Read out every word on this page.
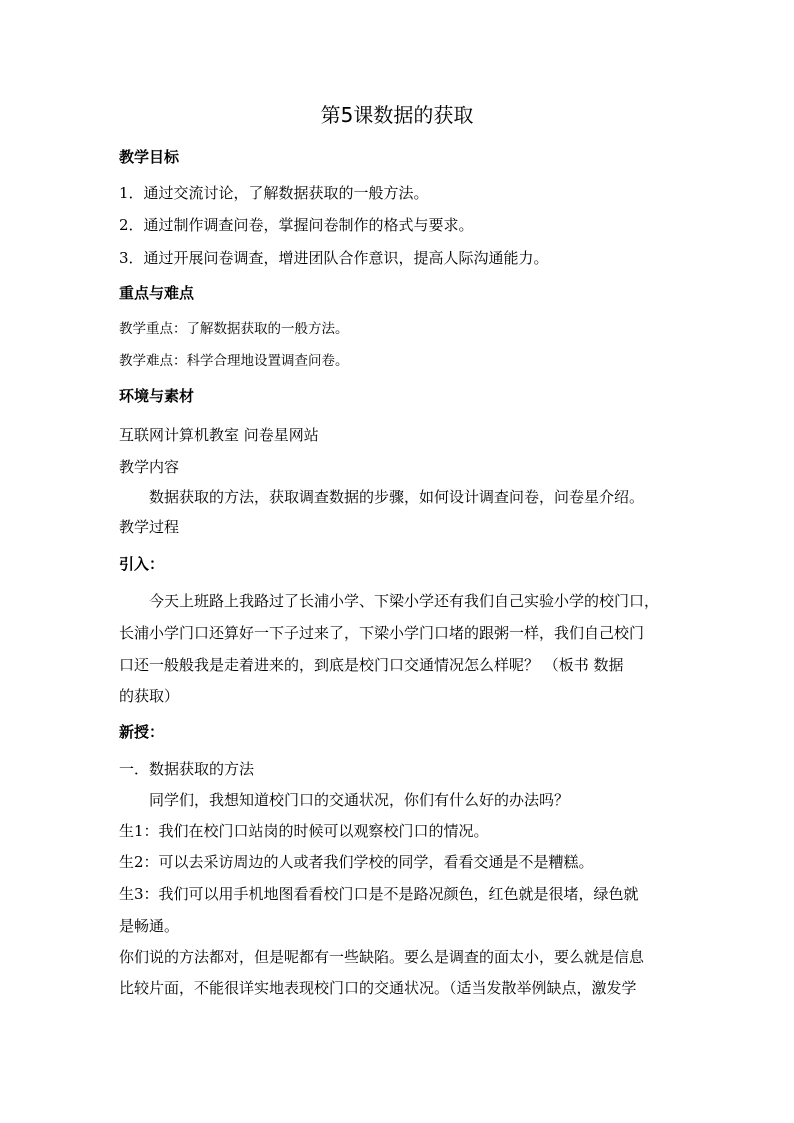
第5课数据的获取
教学目标
1．通过交流讨论，了解数据获取的一般方法。
2．通过制作调查问卷，掌握问卷制作的格式与要求。
3．通过开展问卷调查，增进团队合作意识，提高人际沟通能力。
重点与难点
教学重点：了解数据获取的一般方法。
教学难点：科学合理地设置调查问卷。
环境与素材
互联网计算机教室 问卷星网站
教学内容
数据获取的方法，获取调查数据的步骤，如何设计调查问卷，问卷星介绍。
教学过程
引入：
今天上班路上我路过了长浦小学、下梁小学还有我们自己实验小学的校门口，
长浦小学门口还算好一下子过来了，下梁小学门口堵的跟粥一样，我们自己校门
口还一般般我是走着进来的，到底是校门口交通情况怎么样呢？ （板书 数据
的获取）
新授：
一．数据获取的方法
同学们，我想知道校门口的交通状况，你们有什么好的办法吗？
生1：我们在校门口站岗的时候可以观察校门口的情况。
生2：可以去采访周边的人或者我们学校的同学，看看交通是不是糟糕。
生3：我们可以用手机地图看看校门口是不是路况颜色，红色就是很堵，绿色就
是畅通。
你们说的方法都对，但是呢都有一些缺陷。要么是调查的面太小，要么就是信息
比较片面，不能很详实地表现校门口的交通状况。（适当发散举例缺点，激发学
